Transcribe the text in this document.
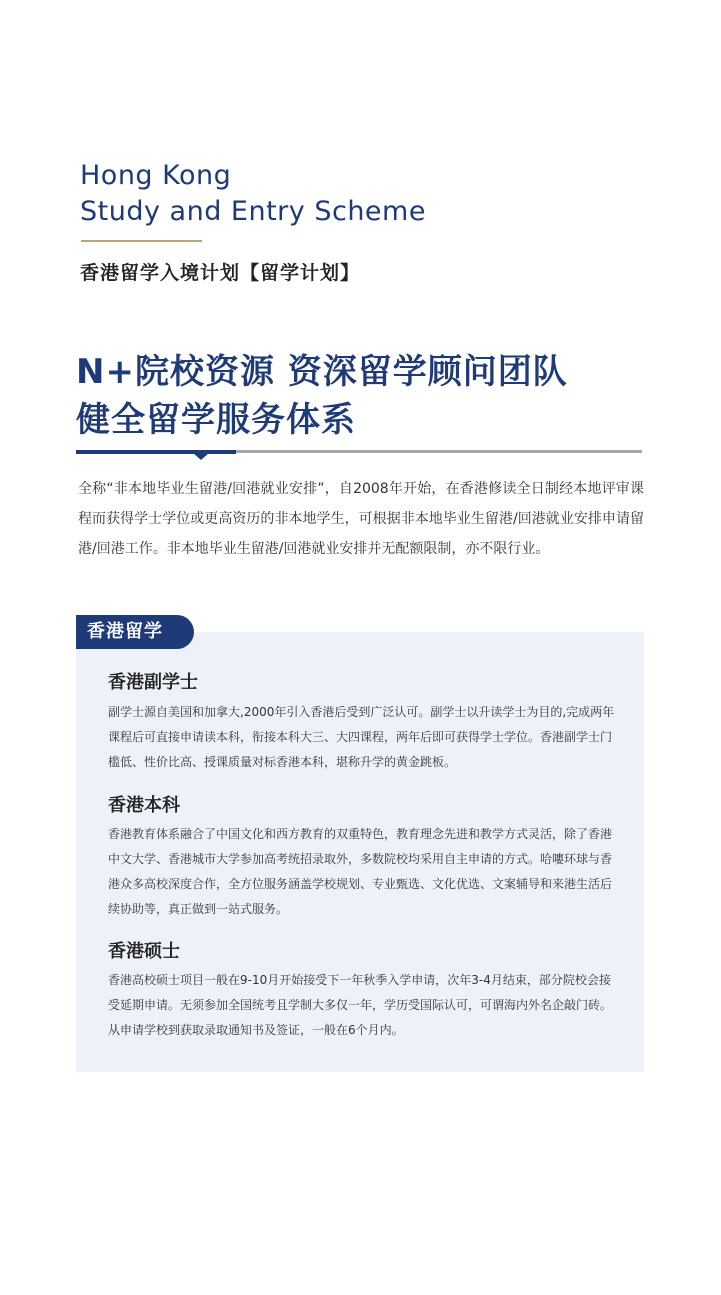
Hong Kong
Study and Entry Scheme
香港留学入境计划【留学计划】
N+院校资源 资深留学顾问团队
健全留学服务体系

全称“非本地毕业生留港/回港就业安排”，自2008年开始，在香港修读全日制经本地评审课程而获得学士学位或更高资历的非本地学生，可根据非本地毕业生留港/回港就业安排申请留港/回港工作。非本地毕业生留港/回港就业安排并无配额限制，亦不限行业。

香港留学
香港副学士

副学士源自美国和加拿大,2000年引入香港后受到广泛认可。副学士以升读学士为目的,完成两年课程后可直接申请读本科，衔接本科大三、大四课程，两年后即可获得学士学位。香港副学士门槛低、性价比高、授课质量对标香港本科，堪称升学的黄金跳板。

香港本科

香港教育体系融合了中国文化和西方教育的双重特色，教育理念先进和教学方式灵活，除了香港中文大学、香港城市大学参加高考统招录取外，多数院校均采用自主申请的方式。哈嘍环球与香港众多高校深度合作，全方位服务涵盖学校规划、专业甄选、文化优选、文案辅导和来港生活后续协助等，真正做到一站式服务。

香港硕士

香港高校硕士项目一般在9-10月开始接受下一年秋季入学申请，次年3-4月结束，部分院校会接受延期申请。无须参加全国统考且学制大多仅一年，学历受国际认可，可谓海内外名企敲门砖。从申请学校到获取录取通知书及签证，一般在6个月内。
